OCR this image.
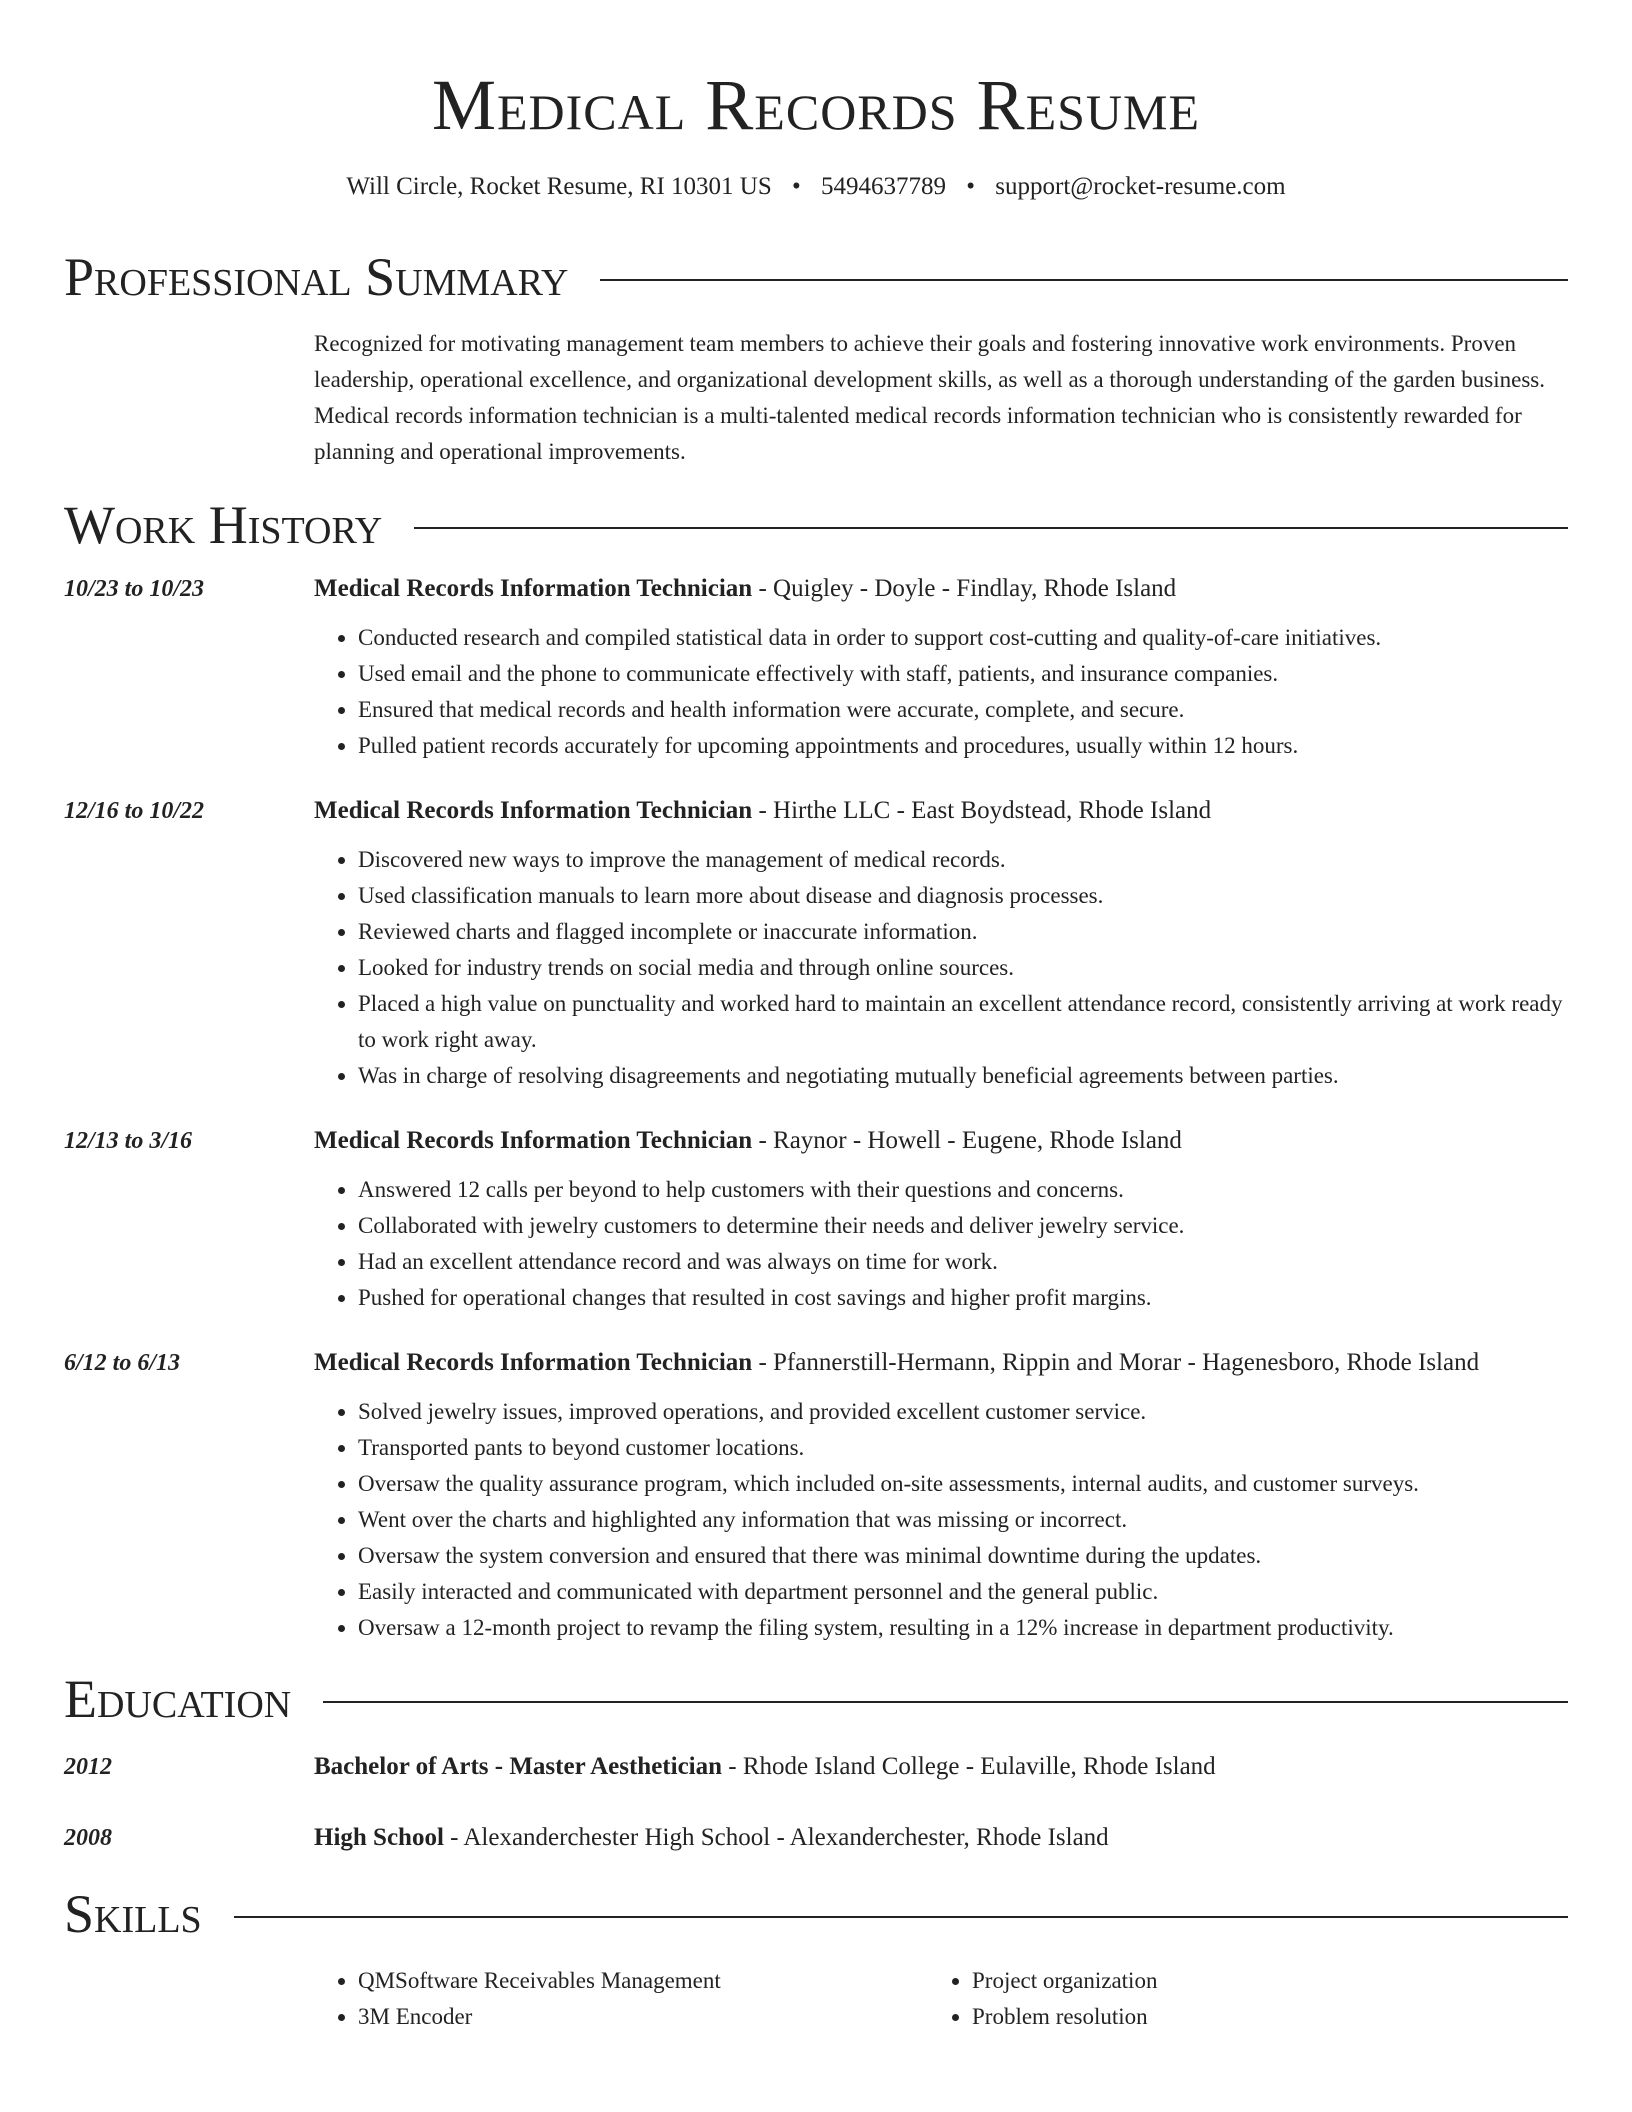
Medical Records Resume
Will Circle, Rocket Resume, RI 10301 US • 5494637789 • support@rocket-resume.com
Professional Summary

Recognized for motivating management team members to achieve their goals and fostering innovative work environments. Proven leadership, operational excellence, and organizational development skills, as well as a thorough understanding of the garden business. Medical records information technician is a multi-talented medical records information technician who is consistently rewarded for planning and operational improvements.

Work History
10/23 to 10/23	Medical Records Information Technician - Quigley - Doyle - Findlay, Rhode Island
• Conducted research and compiled statistical data in order to support cost-cutting and quality-of-care initiatives.
• Used email and the phone to communicate effectively with staff, patients, and insurance companies.
• Ensured that medical records and health information were accurate, complete, and secure.
• Pulled patient records accurately for upcoming appointments and procedures, usually within 12 hours.
12/16 to 10/22	Medical Records Information Technician - Hirthe LLC - East Boydstead, Rhode Island
• Discovered new ways to improve the management of medical records.
• Used classification manuals to learn more about disease and diagnosis processes.
• Reviewed charts and flagged incomplete or inaccurate information.
• Looked for industry trends on social media and through online sources.
• Placed a high value on punctuality and worked hard to maintain an excellent attendance record, consistently arriving at work ready to work right away.
• Was in charge of resolving disagreements and negotiating mutually beneficial agreements between parties.
12/13 to 3/16	Medical Records Information Technician - Raynor - Howell - Eugene, Rhode Island
• Answered 12 calls per beyond to help customers with their questions and concerns.
• Collaborated with jewelry customers to determine their needs and deliver jewelry service.
• Had an excellent attendance record and was always on time for work.
• Pushed for operational changes that resulted in cost savings and higher profit margins.
6/12 to 6/13	Medical Records Information Technician - Pfannerstill-Hermann, Rippin and Morar - Hagenesboro, Rhode Island
• Solved jewelry issues, improved operations, and provided excellent customer service.
• Transported pants to beyond customer locations.
• Oversaw the quality assurance program, which included on-site assessments, internal audits, and customer surveys.
• Went over the charts and highlighted any information that was missing or incorrect.
• Oversaw the system conversion and ensured that there was minimal downtime during the updates.
• Easily interacted and communicated with department personnel and the general public.
• Oversaw a 12-month project to revamp the filing system, resulting in a 12% increase in department productivity.
Education
2012	Bachelor of Arts - Master Aesthetician - Rhode Island College - Eulaville, Rhode Island
2008	High School - Alexanderchester High School - Alexanderchester, Rhode Island
Skills
• QMSoftware Receivables Management
• 3M Encoder
• Project organization
• Problem resolution
